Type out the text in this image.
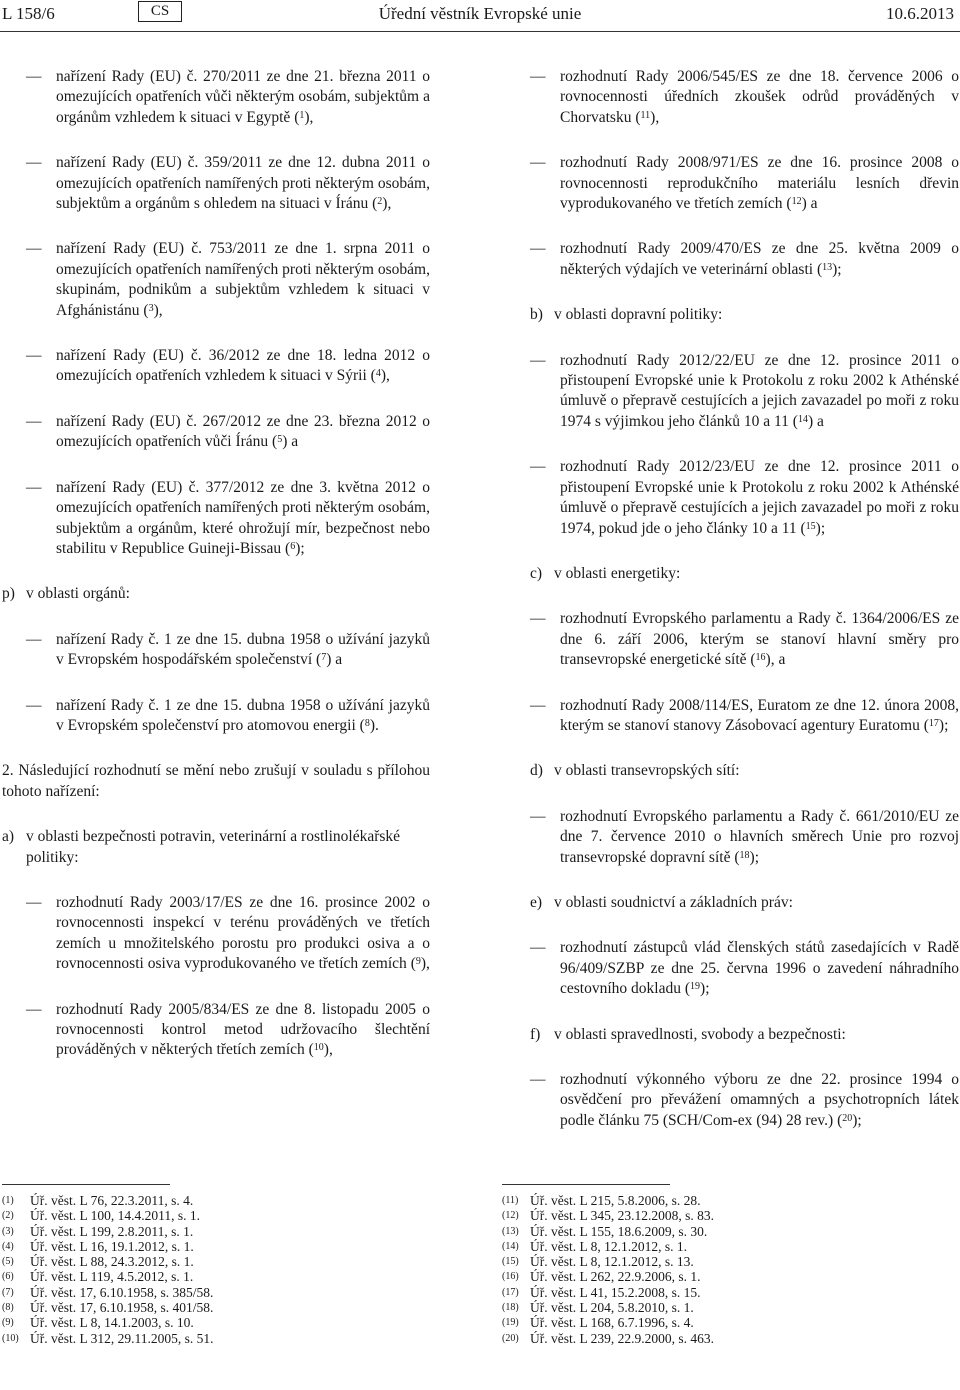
L 158/6	CS	Úřední věstník Evropské unie	10.6.2013
— nařízení Rady (EU) č. 270/2011 ze dne 21. března 2011 o omezujících opatřeních vůči některým osobám, subjektům a orgánům vzhledem k situaci v Egyptě ($^1$),
— nařízení Rady (EU) č. 359/2011 ze dne 12. dubna 2011 o omezujících opatřeních namířených proti některým osobám, subjektům a orgánům s ohledem na situaci v Íránu ($^2$),
— nařízení Rady (EU) č. 753/2011 ze dne 1. srpna 2011 o omezujících opatřeních namířených proti některým osobám, skupinám, podnikům a subjektům vzhledem k situaci v Afghánistánu ($^3$),
— nařízení Rady (EU) č. 36/2012 ze dne 18. ledna 2012 o omezujících opatřeních vzhledem k situaci v Sýrii ($^4$),
— nařízení Rady (EU) č. 267/2012 ze dne 23. března 2012 o omezujících opatřeních vůči Íránu ($^5$) a
— nařízení Rady (EU) č. 377/2012 ze dne 3. května 2012 o omezujících opatřeních namířených proti některým osobám, subjektům a orgánům, které ohrožují mír, bezpečnost nebo stabilitu v Republice Guineji-Bissau ($^6$);
p) v oblasti orgánů:
— nařízení Rady č. 1 ze dne 15. dubna 1958 o užívání jazyků v Evropském hospodářském společenství ($^7$) a
— nařízení Rady č. 1 ze dne 15. dubna 1958 o užívání jazyků v Evropském společenství pro atomovou energii ($^8$).
2. Následující rozhodnutí se mění nebo zrušují v souladu s přílohou tohoto nařízení:
a) v oblasti bezpečnosti potravin, veterinární a rostlinolékařské politiky:
— rozhodnutí Rady 2003/17/ES ze dne 16. prosince 2002 o rovnocennosti inspekcí v terénu prováděných ve třetích zemích u množitelského porostu pro produkci osiva a o rovnocennosti osiva vyprodukovaného ve třetích zemích ($^9$),
— rozhodnutí Rady 2005/834/ES ze dne 8. listopadu 2005 o rovnocennosti kontrol metod udržovacího šlechtění prováděných v některých třetích zemích ($^{10}$),
— rozhodnutí Rady 2006/545/ES ze dne 18. července 2006 o rovnocennosti úředních zkoušek odrůd prováděných v Chorvatsku ($^{11}$),
— rozhodnutí Rady 2008/971/ES ze dne 16. prosince 2008 o rovnocennosti reprodukčního materiálu lesních dřevin vyprodukovaného ve třetích zemích ($^{12}$) a
— rozhodnutí Rady 2009/470/ES ze dne 25. května 2009 o některých výdajích ve veterinární oblasti ($^{13}$);
b) v oblasti dopravní politiky:
— rozhodnutí Rady 2012/22/EU ze dne 12. prosince 2011 o přistoupení Evropské unie k Protokolu z roku 2002 k Athénské úmluvě o přepravě cestujících a jejich zavazadel po moři z roku 1974 s výjimkou jeho článků 10 a 11 ($^{14}$) a
— rozhodnutí Rady 2012/23/EU ze dne 12. prosince 2011 o přistoupení Evropské unie k Protokolu z roku 2002 k Athénské úmluvě o přepravě cestujících a jejich zavazadel po moři z roku 1974, pokud jde o jeho články 10 a 11 ($^{15}$);
c) v oblasti energetiky:
— rozhodnutí Evropského parlamentu a Rady č. 1364/2006/ES ze dne 6. září 2006, kterým se stanoví hlavní směry pro transevropské energetické sítě ($^{16}$), a
— rozhodnutí Rady 2008/114/ES, Euratom ze dne 12. února 2008, kterým se stanoví stanovy Zásobovací agentury Euratomu ($^{17}$);
d) v oblasti transevropských sítí:
— rozhodnutí Evropského parlamentu a Rady č. 661/2010/EU ze dne 7. července 2010 o hlavních směrech Unie pro rozvoj transevropské dopravní sítě ($^{18}$);
e) v oblasti soudnictví a základních práv:
— rozhodnutí zástupců vlád členských států zasedajících v Radě 96/409/SZBP ze dne 25. června 1996 o zavedení náhradního cestovního dokladu ($^{19}$);
f) v oblasti spravedlnosti, svobody a bezpečnosti:
— rozhodnutí výkonného výboru ze dne 22. prosince 1994 o osvědčení pro převážení omamných a psychotropních látek podle článku 75 (SCH/Com-ex (94) 28 rev.) ($^{20}$);
(1) Úř. věst. L 76, 22.3.2011, s. 4.
(2) Úř. věst. L 100, 14.4.2011, s. 1.
(3) Úř. věst. L 199, 2.8.2011, s. 1.
(4) Úř. věst. L 16, 19.1.2012, s. 1.
(5) Úř. věst. L 88, 24.3.2012, s. 1.
(6) Úř. věst. L 119, 4.5.2012, s. 1.
(7) Úř. věst. 17, 6.10.1958, s. 385/58.
(8) Úř. věst. 17, 6.10.1958, s. 401/58.
(9) Úř. věst. L 8, 14.1.2003, s. 10.
(10) Úř. věst. L 312, 29.11.2005, s. 51.
(11) Úř. věst. L 215, 5.8.2006, s. 28.
(12) Úř. věst. L 345, 23.12.2008, s. 83.
(13) Úř. věst. L 155, 18.6.2009, s. 30.
(14) Úř. věst. L 8, 12.1.2012, s. 1.
(15) Úř. věst. L 8, 12.1.2012, s. 13.
(16) Úř. věst. L 262, 22.9.2006, s. 1.
(17) Úř. věst. L 41, 15.2.2008, s. 15.
(18) Úř. věst. L 204, 5.8.2010, s. 1.
(19) Úř. věst. L 168, 6.7.1996, s. 4.
(20) Úř. věst. L 239, 22.9.2000, s. 463.
